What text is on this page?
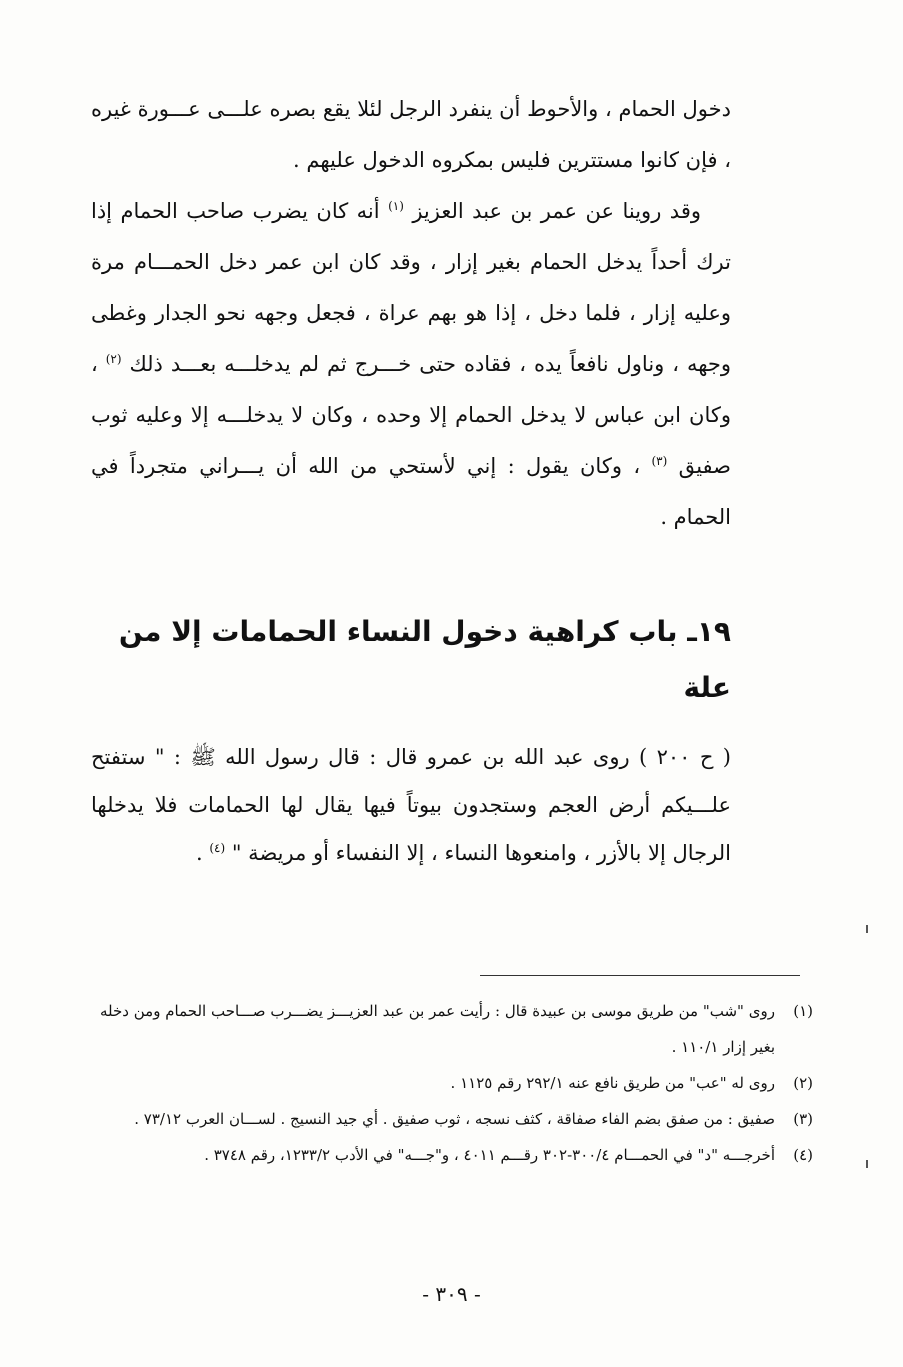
دخول الحمام ، والأحوط أن ينفرد الرجل لئلا يقع بصره علـــى عـــورة غيره ، فإن كانوا مستترين فليس بمكروه الدخول عليهم .

وقد روينا عن عمر بن عبد العزيز $^{(١)}$ أنه كان يضرب صاحب الحمام إذا ترك أحداً يدخل الحمام بغير إزار ، وقد كان ابن عمر دخل الحمـــام مرة وعليه إزار ، فلما دخل ، إذا هو بهم عراة ، فجعل وجهه نحو الجدار وغطى وجهه ، وناول نافعاً يده ، فقاده حتى خـــرج ثم لم يدخلـــه بعـــد ذلك $^{(٢)}$ ، وكان ابن عباس لا يدخل الحمام إلا وحده ، وكان لا يدخلـــه إلا وعليه ثوب صفيق $^{(٣)}$ ، وكان يقول : إني لأستحي من الله أن يـــراني متجرداً في الحمام .

١٩ـ باب كراهية دخول النساء الحمامات إلا من علة

( ح ٢٠٠ ) روى عبد الله بن عمرو قال : قال رسول الله ﷺ : " ستفتح علـــيكم أرض العجم وستجدون بيوتاً فيها يقال لها الحمامات فلا يدخلها الرجال إلا بالأزر ، وامنعوها النساء ، إلا النفساء أو مريضة " $^{(٤)}$ .

(١)
روى "شب" من طريق موسى بن عبيدة قال : رأيت عمر بن عبد العزيـــز يضـــرب صـــاحب الحمام ومن دخله بغير إزار ١١٠/١ .
(٢)
روى له "عب" من طريق نافع عنه ٢٩٢/١ رقم ١١٢٥ .
(٣)
صفيق : من صفق بضم الفاء صفاقة ، كثف نسجه ، ثوب صفيق . أي جيد النسيج . لســـان العرب ٧٣/١٢ .
(٤)
أخرجـــه "د" في الحمـــام ٣٠٠/٤-٣٠٢ رقـــم ٤٠١١ ، و"جـــه" في الأدب ١٢٣٣/٢، رقم ٣٧٤٨ .
- ٣٠٩ -
